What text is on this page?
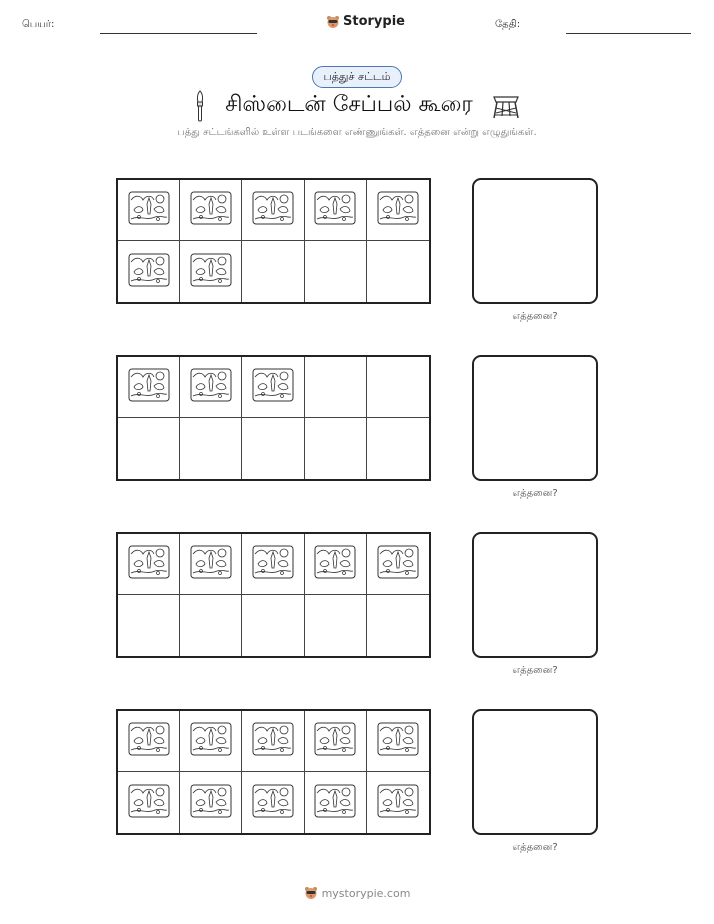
பெயர்:	Storypie	தேதி:
பத்துச் சட்டம்
சிஸ்டைன் சேப்பல் கூரை
பத்து சட்டங்களில் உள்ள படங்களை எண்ணுங்கள். எத்தனை என்று எழுதுங்கள்.
எத்தனை?
எத்தனை?
எத்தனை?
எத்தனை?
mystorypie.com
